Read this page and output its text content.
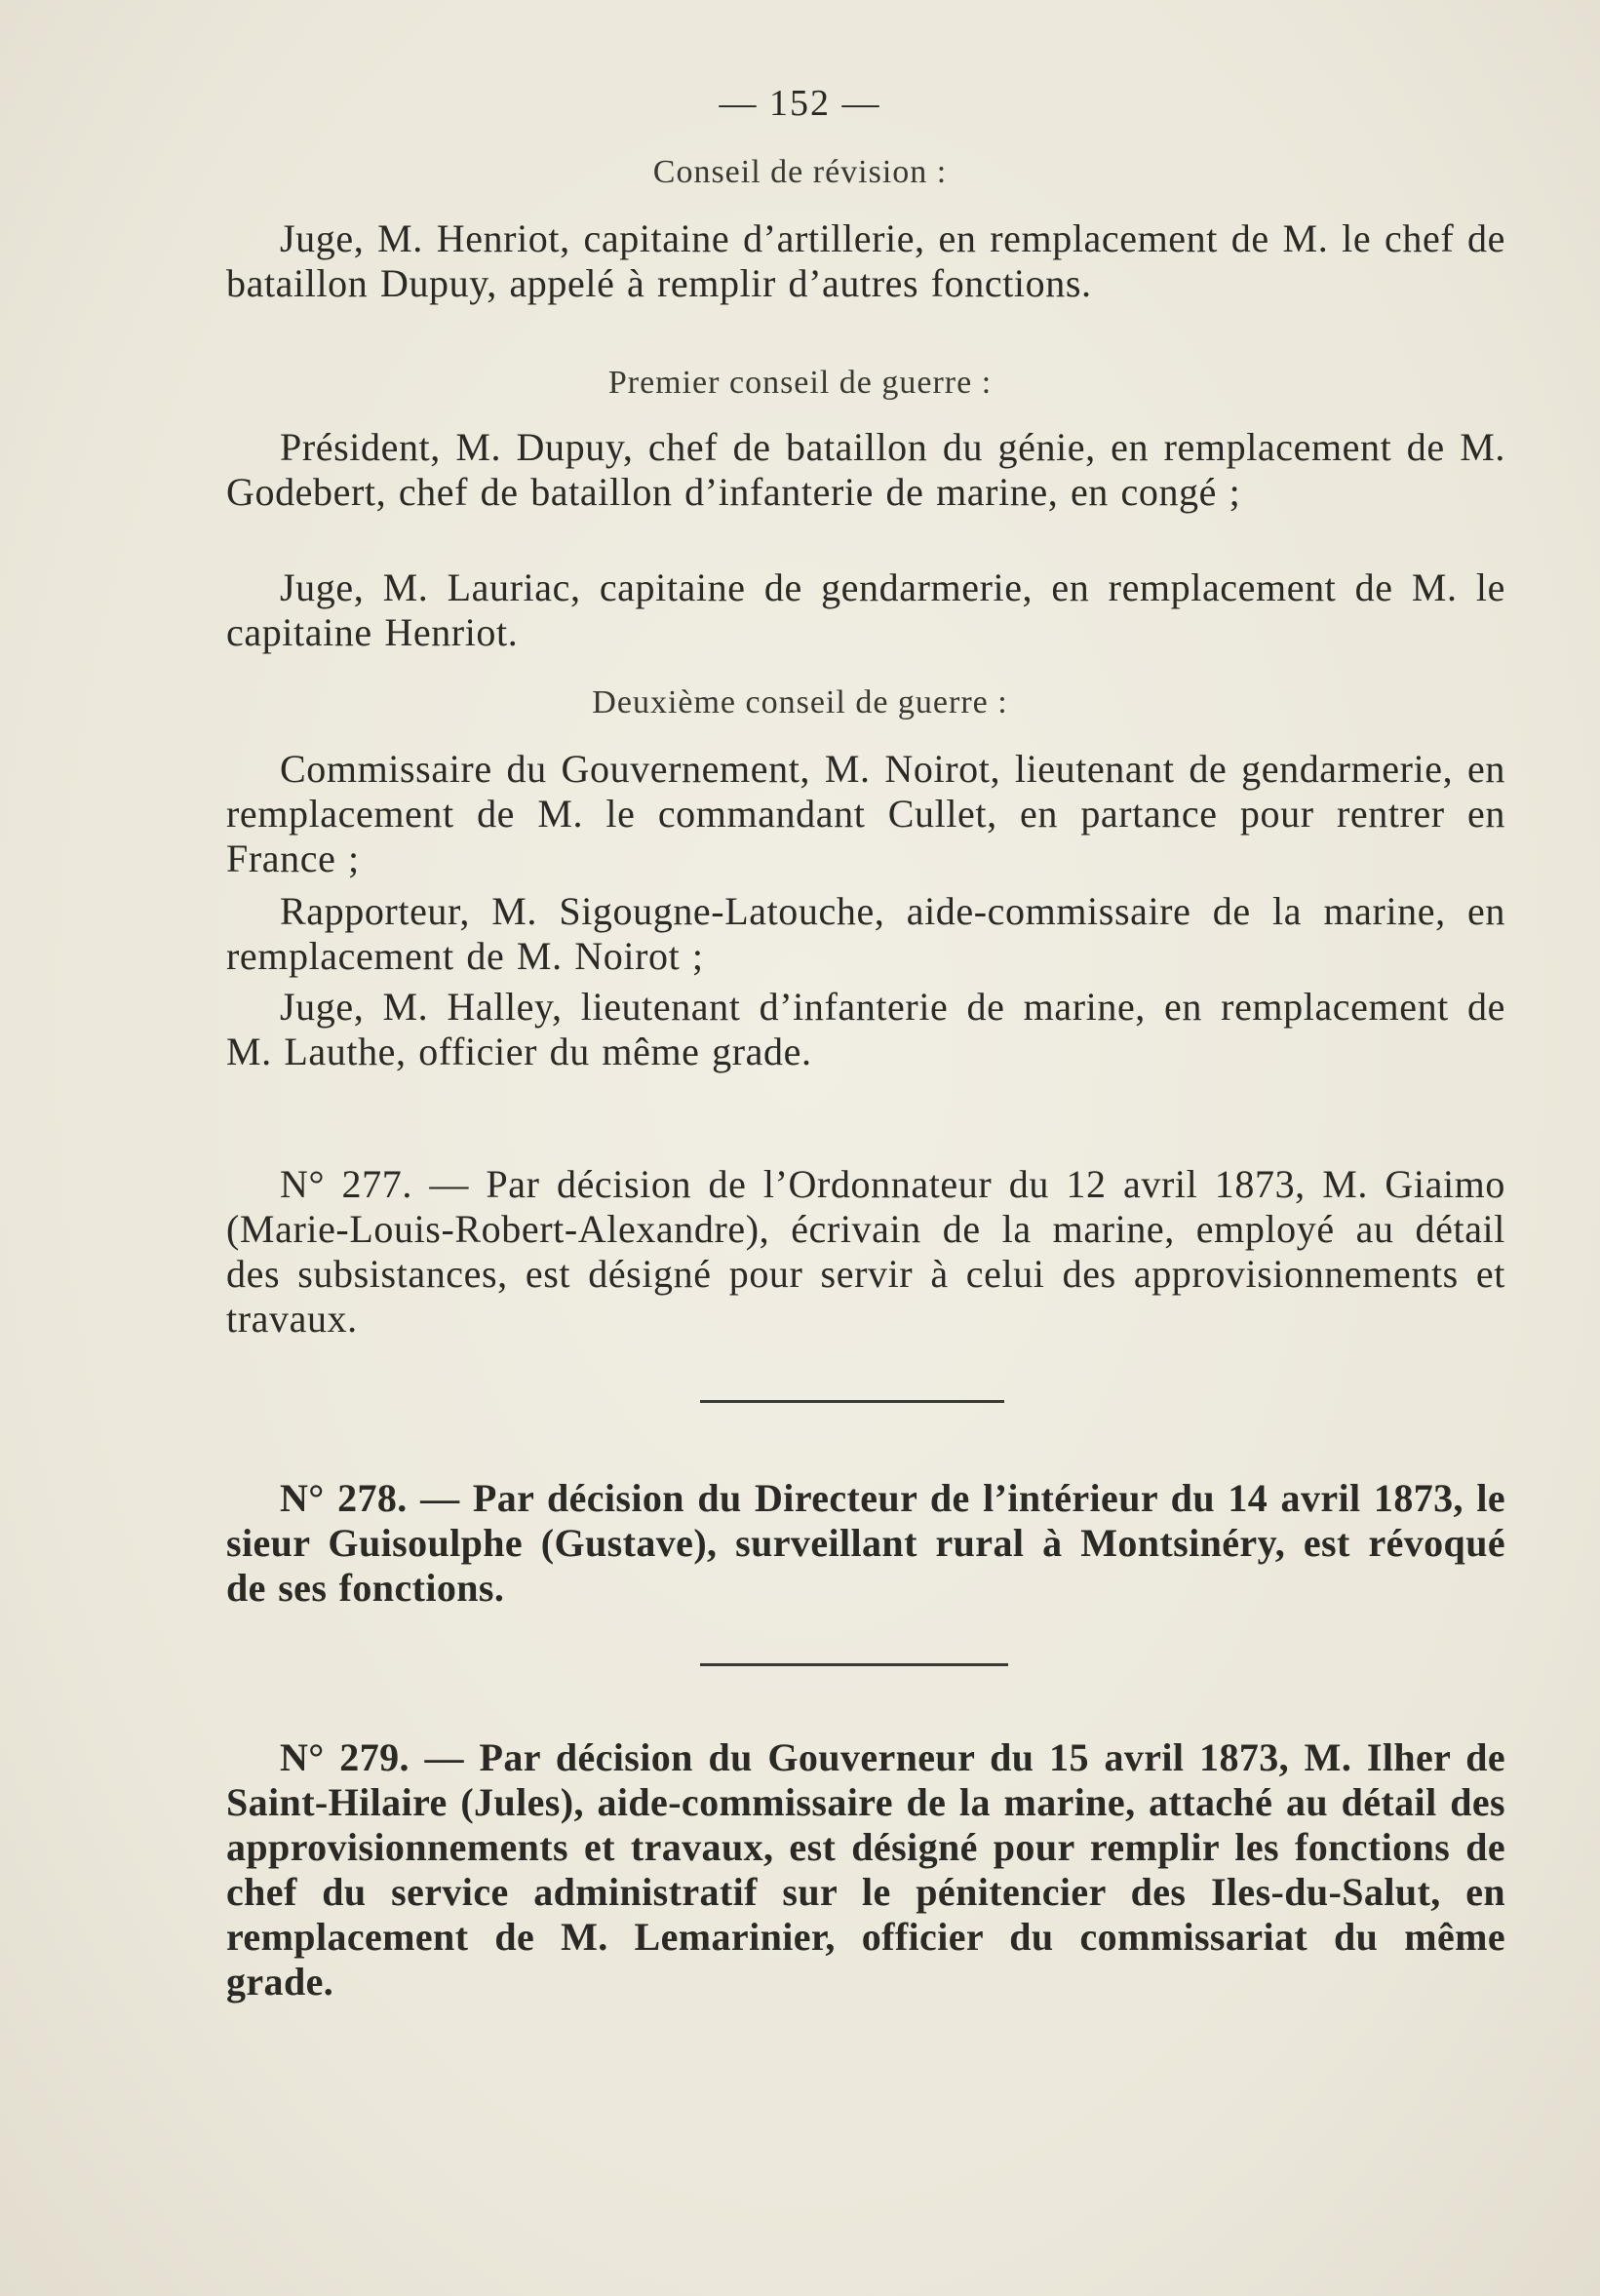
— 152 —
Conseil de révision :
Juge, M. Henriot, capitaine d’artillerie, en remplacement de M. le chef de bataillon Dupuy, appelé à remplir d’autres fonctions.
Premier conseil de guerre :
Président, M. Dupuy, chef de bataillon du génie, en remplacement de M. Godebert, chef de bataillon d’infanterie de marine, en congé ;
Juge, M. Lauriac, capitaine de gendarmerie, en remplacement de M. le capitaine Henriot.
Deuxième conseil de guerre :
Commissaire du Gouvernement, M. Noirot, lieutenant de gendarmerie, en remplacement de M. le commandant Cullet, en partance pour rentrer en France ;
Rapporteur, M. Sigougne-Latouche, aide-commissaire de la marine, en remplacement de M. Noirot ;
Juge, M. Halley, lieutenant d’infanterie de marine, en remplacement de M. Lauthe, officier du même grade.
N° 277. — Par décision de l’Ordonnateur du 12 avril 1873, M. Giaimo (Marie-Louis-Robert-Alexandre), écrivain de la marine, employé au détail des subsistances, est désigné pour servir à celui des approvisionnements et travaux.
N° 278. — Par décision du Directeur de l’intérieur du 14 avril 1873, le sieur Guisoulphe (Gustave), surveillant rural à Montsinéry, est révoqué de ses fonctions.
N° 279. — Par décision du Gouverneur du 15 avril 1873, M. Ilher de Saint-Hilaire (Jules), aide-commissaire de la marine, attaché au détail des approvisionnements et travaux, est désigné pour remplir les fonctions de chef du service administratif sur le pénitencier des Iles-du-Salut, en remplacement de M. Lemarinier, officier du commissariat du même grade.
